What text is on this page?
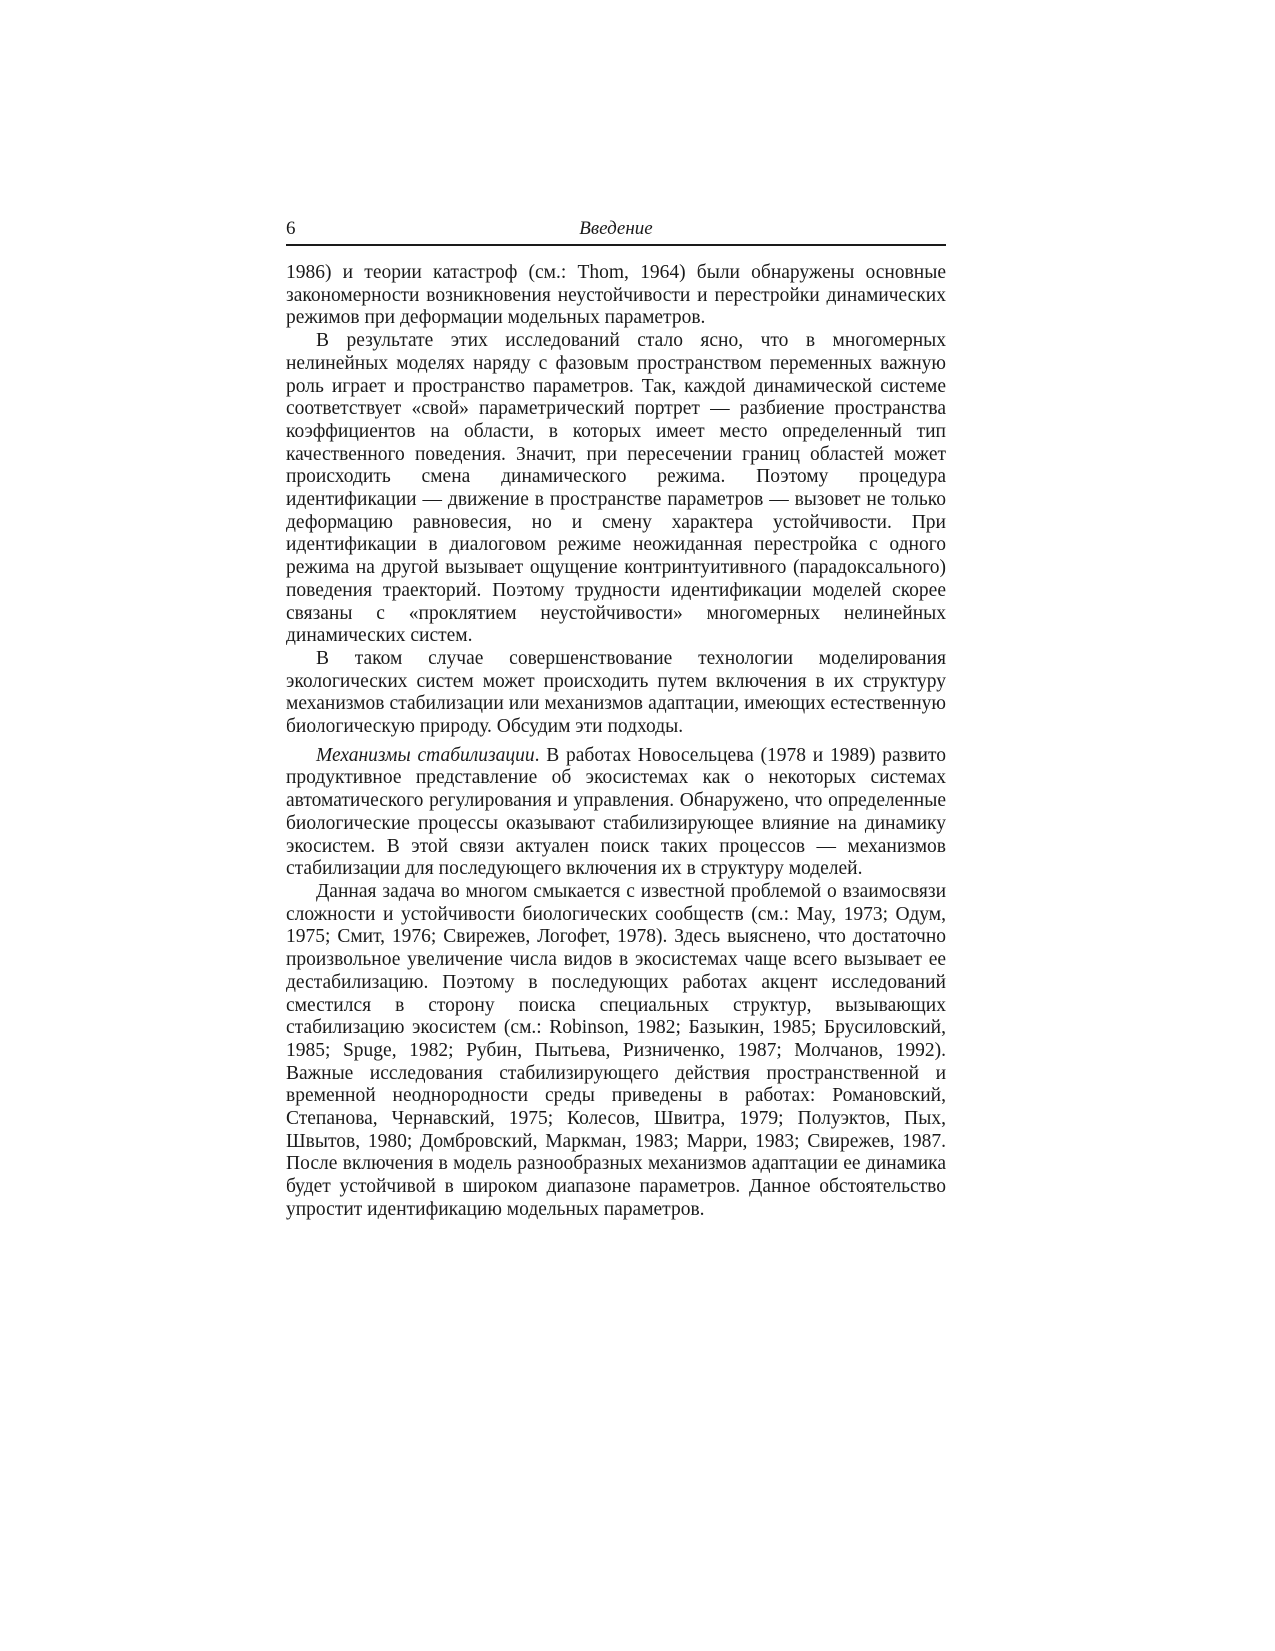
6	Введение

1986) и теории катастроф (см.: Thom, 1964) были обнаружены основные закономерности возникновения неустойчивости и перестройки динамических режимов при деформации модельных параметров.

В результате этих исследований стало ясно, что в многомерных нелинейных моделях наряду с фазовым пространством переменных важную роль играет и пространство параметров. Так, каждой динамической системе соответствует «свой» параметрический портрет — разбиение пространства коэффициентов на области, в которых имеет место определенный тип качественного поведения. Значит, при пересечении границ областей может происходить смена динамического режима. Поэтому процедура идентификации — движение в пространстве параметров — вызовет не только деформацию равновесия, но и смену характера устойчивости. При идентификации в диалоговом режиме неожиданная перестройка с одного режима на другой вызывает ощущение контринтуитивного (парадоксального) поведения траекторий. Поэтому трудности идентификации моделей скорее связаны с «проклятием неустойчивости» многомерных нелинейных динамических систем.

В таком случае совершенствование технологии моделирования экологических систем может происходить путем включения в их структуру механизмов стабилизации или механизмов адаптации, имеющих естественную биологическую природу. Обсудим эти подходы.

Механизмы стабилизации. В работах Новосельцева (1978 и 1989) развито продуктивное представление об экосистемах как о некоторых системах автоматического регулирования и управления. Обнаружено, что определенные биологические процессы оказывают стабилизирующее влияние на динамику экосистем. В этой связи актуален поиск таких процессов — механизмов стабилизации для последующего включения их в структуру моделей.

Данная задача во многом смыкается с известной проблемой о взаимосвязи сложности и устойчивости биологических сообществ (см.: May, 1973; Одум, 1975; Смит, 1976; Свирежев, Логофет, 1978). Здесь выяснено, что достаточно произвольное увеличение числа видов в экосистемах чаще всего вызывает ее дестабилизацию. Поэтому в последующих работах акцент исследований сместился в сторону поиска специальных структур, вызывающих стабилизацию экосистем (см.: Robinson, 1982; Базыкин, 1985; Брусиловский, 1985; Spuge, 1982; Рубин, Пытьева, Ризниченко, 1987; Молчанов, 1992). Важные исследования стабилизирующего действия пространственной и временной неоднородности среды приведены в работах: Романовский, Степанова, Чернавский, 1975; Колесов, Швитра, 1979; Полуэктов, Пых, Швытов, 1980; Домбровский, Маркман, 1983; Марри, 1983; Свирежев, 1987. После включения в модель разнообразных механизмов адаптации ее динамика будет устойчивой в широком диапазоне параметров. Данное обстоятельство упростит идентификацию модельных параметров.
